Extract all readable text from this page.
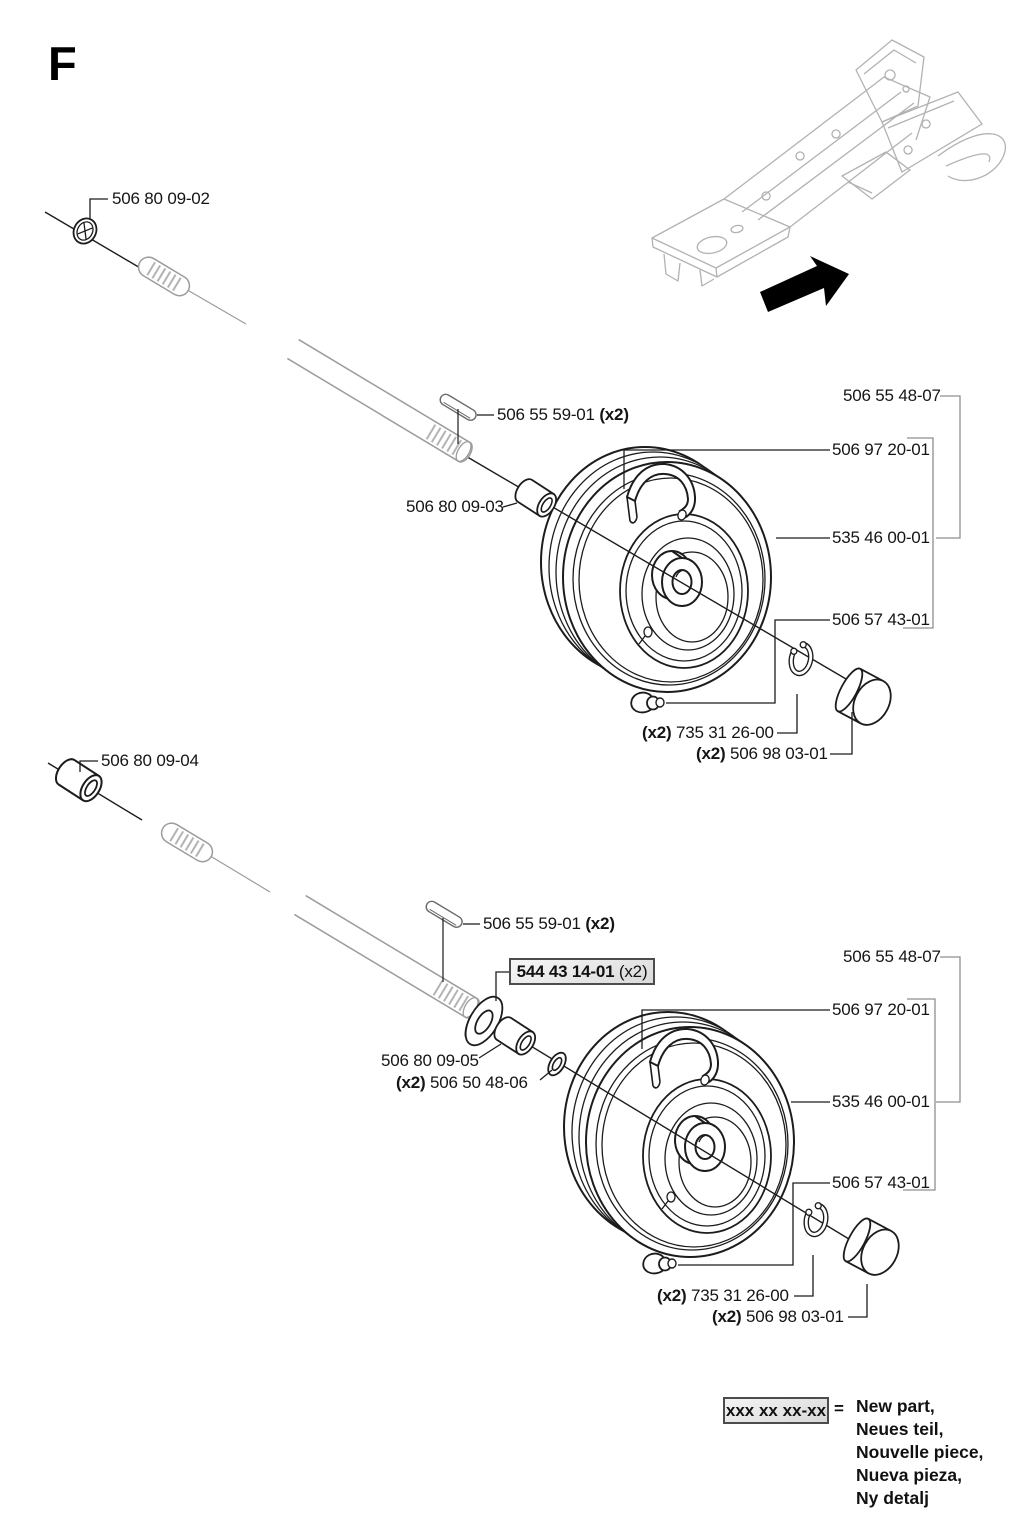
F
506 80 09-02
506 55 59-01 (x2)
506 80 09-03
506 55 48-07
506 97 20-01
535 46 00-01
506 57 43-01
(x2) 735 31 26-00
(x2) 506 98 03-01
506 80 09-04
506 55 59-01 (x2)
544 43 14-01 (x2)
506 80 09-05
(x2) 506 50 48-06
506 55 48-07
506 97 20-01
535 46 00-01
506 57 43-01
(x2) 735 31 26-00
(x2) 506 98 03-01
xxx xx xx-xx = New part,
Neues teil,
Nouvelle piece,
Nueva pieza,
Ny detalj
